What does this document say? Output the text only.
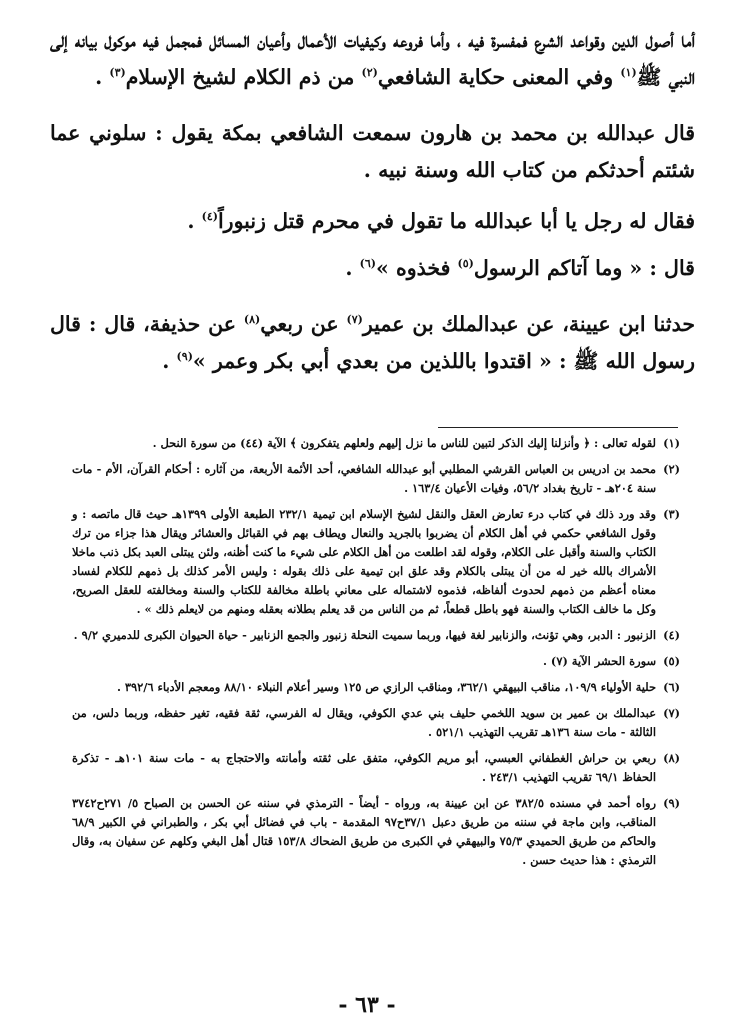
أما أصول الدين وقواعد الشرع فمفسرة فيه ، وأما فروعه وكيفيات الأعمال وأعيان المسائل فمجمل فيه موكول بيانه إلى النبي ﷺ$^{(١)}$ وفي المعنى حكاية الشافعي$^{(٢)}$ من ذم الكلام لشيخ الإسلام$^{(٣)}$ .

قال عبدالله بن محمد بن هارون سمعت الشافعي بمكة يقول : سلوني عما شئتم أحدثكم من كتاب الله وسنة نبيه .

فقال له رجل يا أبا عبدالله ما تقول في محرم قتل زنبوراً$^{(٤)}$ .

قال : « وما آتاكم الرسول$^{(٥)}$ فخذوه »$^{(٦)}$ .

حدثنا ابن عيينة، عن عبدالملك بن عمير$^{(٧)}$ عن ربعي$^{(٨)}$ عن حذيفة، قال : قال رسول الله ﷺ : « اقتدوا باللذين من بعدي أبي بكر وعمر »$^{(٩)}$ .

(١)
لقوله تعالى : ﴿ وأنزلنا إليك الذكر لتبين للناس ما نزل إليهم ولعلهم يتفكرون ﴾ الآية (٤٤) من سورة النحل .

(٢)
محمد بن ادريس بن العباس القرشي المطلبي أبو عبدالله الشافعي، أحد الأئمة الأربعة، من آثاره : أحكام القرآن، الأم - مات سنة ٢٠٤هـ - تاريخ بغداد ٥٦/٢، وفيات الأعيان ١٦٣/٤ .

(٣)
وقد ورد ذلك في كتاب درء تعارض العقل والنقل لشيخ الإسلام ابن تيمية ٢٣٢/١ الطبعة الأولى ١٣٩٩هـ حيث قال ماتصه : و وقول الشافعي حكمي في أهل الكلام أن يضربوا بالجريد والنعال ويطاف بهم في القبائل والعشائر ويقال هذا جزاء من ترك الكتاب والسنة وأقبل على الكلام، وقوله لقد اطلعت من أهل الكلام على شيء ما كنت أظنه، ولئن يبتلى العبد بكل ذنب ماخلا الأشراك بالله خير له من أن يبتلى بالكلام وقد علق ابن تيمية على ذلك بقوله : وليس الأمر كذلك بل ذمهم للكلام لفساد معناه أعظم من ذمهم لحدوث ألفاظه، فذموه لاشتماله على معاني باطلة مخالفة للكتاب والسنة ومخالفته للعقل الصريح، وكل ما خالف الكتاب والسنة فهو باطل قطعاً، ثم من الناس من قد يعلم بطلانه بعقله ومنهم من لايعلم ذلك » .

(٤)
الزنبور : الدبر، وهي تؤنث، والزنابير لغة فيها، وربما سميت النحلة زنبور والجمع الزنابير - حياة الحيوان الكبرى للدميري ٩/٢ .

(٥)
سورة الحشر الآية (٧) .

(٦)
حلية الأولياء ١٠٩/٩، مناقب البيهقي ٣٦٢/١، ومناقب الرازي ص ١٢٥ وسير أعلام النبلاء ٨٨/١٠ ومعجم الأدباء ٣٩٢/٦ .

(٧)
عبدالملك بن عمير بن سويد اللخمي حليف بني عدي الكوفي، ويقال له الفرسي، ثقة فقيه، تغير حفظه، وربما دلس، من الثالثة - مات سنة ١٣٦هـ تقريب التهذيب ٥٢١/١ .

(٨)
ربعي بن حراش الغطفاني العبسي، أبو مريم الكوفي، متفق على ثقته وأمانته والاحتجاج به - مات سنة ١٠١هـ - تذكرة الحفاظ ٦٩/١ تقريب التهذيب ٢٤٣/١ .

(٩)
رواه أحمد في مسنده ٣٨٢/٥ عن ابن عيينة به، ورواه - أيضاً - الترمذي في سننه عن الحسن بن الصباح ٥/ ٢٧١ح٣٧٤٢ المناقب، وابن ماجة في سننه من طريق دعبل ٣٧/١ح٩٧ المقدمة - باب في فضائل أبي بكر ، والطبراني في الكبير ٦٨/٩ والحاكم من طريق الحميدي ٧٥/٣ والبيهقي في الكبرى من طريق الضحاك ١٥٣/٨ قتال أهل البغي وكلهم عن سفيان به، وقال الترمذي : هذا حديث حسن .

- ٦٣ -
